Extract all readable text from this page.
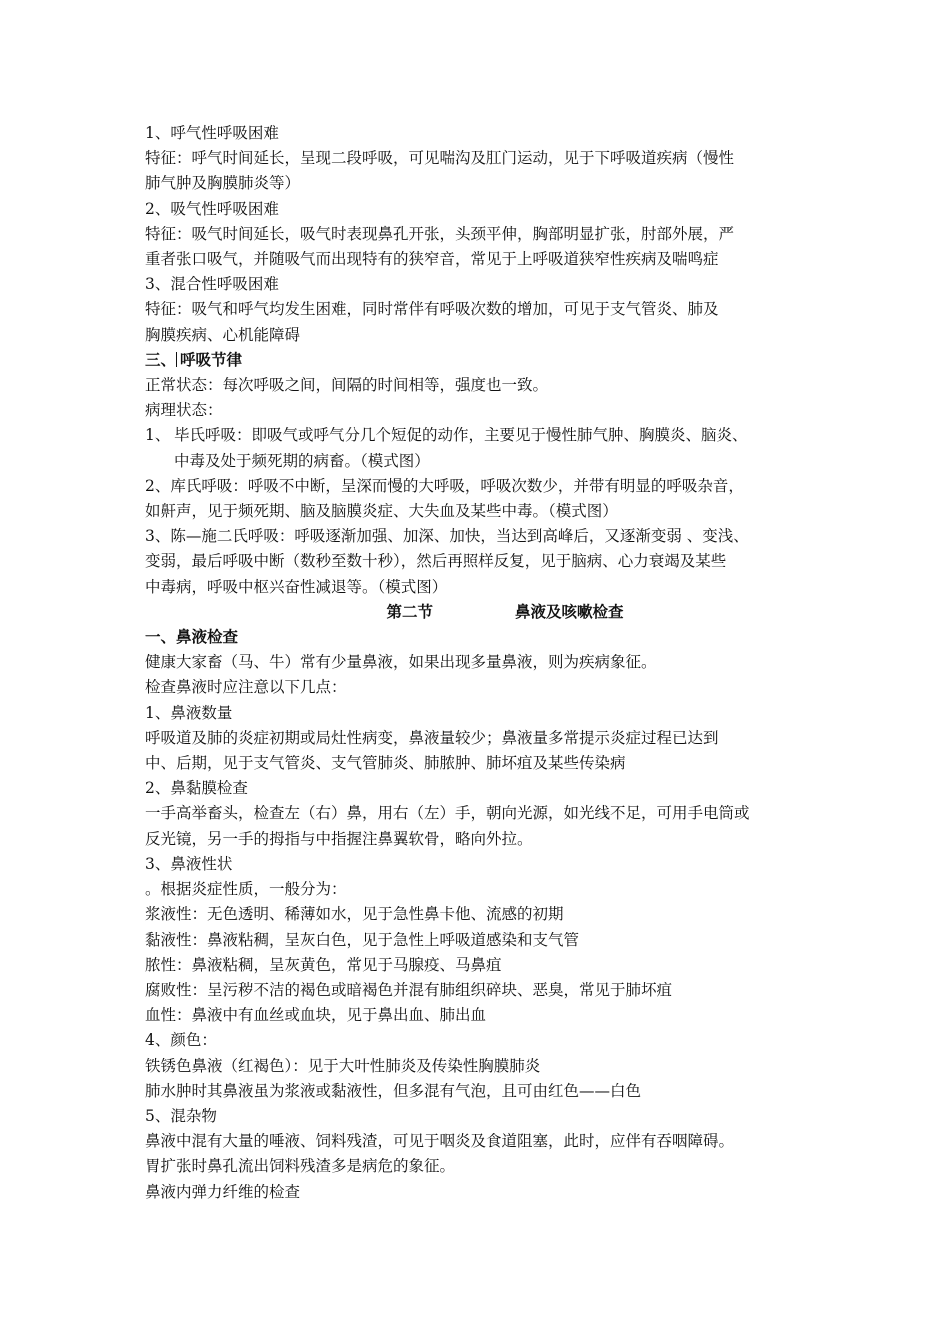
1、呼气性呼吸困难

特征：呼气时间延长，呈现二段呼吸，可见喘沟及肛门运动，见于下呼吸道疾病（慢性

肺气肿及胸膜肺炎等）

2、吸气性呼吸困难

特征：吸气时间延长，吸气时表现鼻孔开张，头颈平伸，胸部明显扩张，肘部外展，严

重者张口吸气，并随吸气而出现特有的狭窄音，常见于上呼吸道狭窄性疾病及喘鸣症

3、混合性呼吸困难

特征：吸气和呼气均发生困难，同时常伴有呼吸次数的增加，可见于支气管炎、肺及

胸膜疾病、心机能障碍

三、 呼吸节律

正常状态：每次呼吸之间，间隔的时间相等，强度也一致。

病理状态：

1、 毕氏呼吸：即吸气或呼气分几个短促的动作，主要见于慢性肺气肿、胸膜炎、脑炎、

中毒及处于频死期的病畜。（模式图）

2、库氏呼吸：呼吸不中断，呈深而慢的大呼吸，呼吸次数少，并带有明显的呼吸杂音，

如鼾声，见于频死期、脑及脑膜炎症、大失血及某些中毒。（模式图）

3、陈—施二氏呼吸：呼吸逐渐加强、加深、加快，当达到高峰后，又逐渐变弱 、变浅、

变弱，最后呼吸中断（数秒至数十秒），然后再照样反复，见于脑病、心力衰竭及某些

中毒病，呼吸中枢兴奋性减退等。（模式图）

第二节	鼻液及咳嗽检查

一、鼻液检查

健康大家畜（马、牛）常有少量鼻液，如果出现多量鼻液，则为疾病象征。

检查鼻液时应注意以下几点：

1、鼻液数量

呼吸道及肺的炎症初期或局灶性病变，鼻液量较少；鼻液量多常提示炎症过程已达到

中、后期，见于支气管炎、支气管肺炎、肺脓肿、肺坏疽及某些传染病

2、鼻黏膜检查

一手高举畜头，检查左（右）鼻，用右（左）手，朝向光源，如光线不足，可用手电筒或

反光镜，另一手的拇指与中指握注鼻翼软骨，略向外拉。

3、鼻液性状

。根据炎症性质，一般分为：

浆液性：无色透明、稀薄如水，见于急性鼻卡他、流感的初期

黏液性：鼻液粘稠，呈灰白色，见于急性上呼吸道感染和支气管

脓性：鼻液粘稠，呈灰黄色，常见于马腺疫、马鼻疽

腐败性：呈污秽不洁的褐色或暗褐色并混有肺组织碎块、恶臭，常见于肺坏疽

血性：鼻液中有血丝或血块，见于鼻出血、肺出血

4、颜色：

铁锈色鼻液（红褐色）：见于大叶性肺炎及传染性胸膜肺炎

肺水肿时其鼻液虽为浆液或黏液性，但多混有气泡，且可由红色——白色

5、混杂物

鼻液中混有大量的唾液、饲料残渣，可见于咽炎及食道阻塞，此时，应伴有吞咽障碍。

胃扩张时鼻孔流出饲料残渣多是病危的象征。

鼻液内弹力纤维的检查
